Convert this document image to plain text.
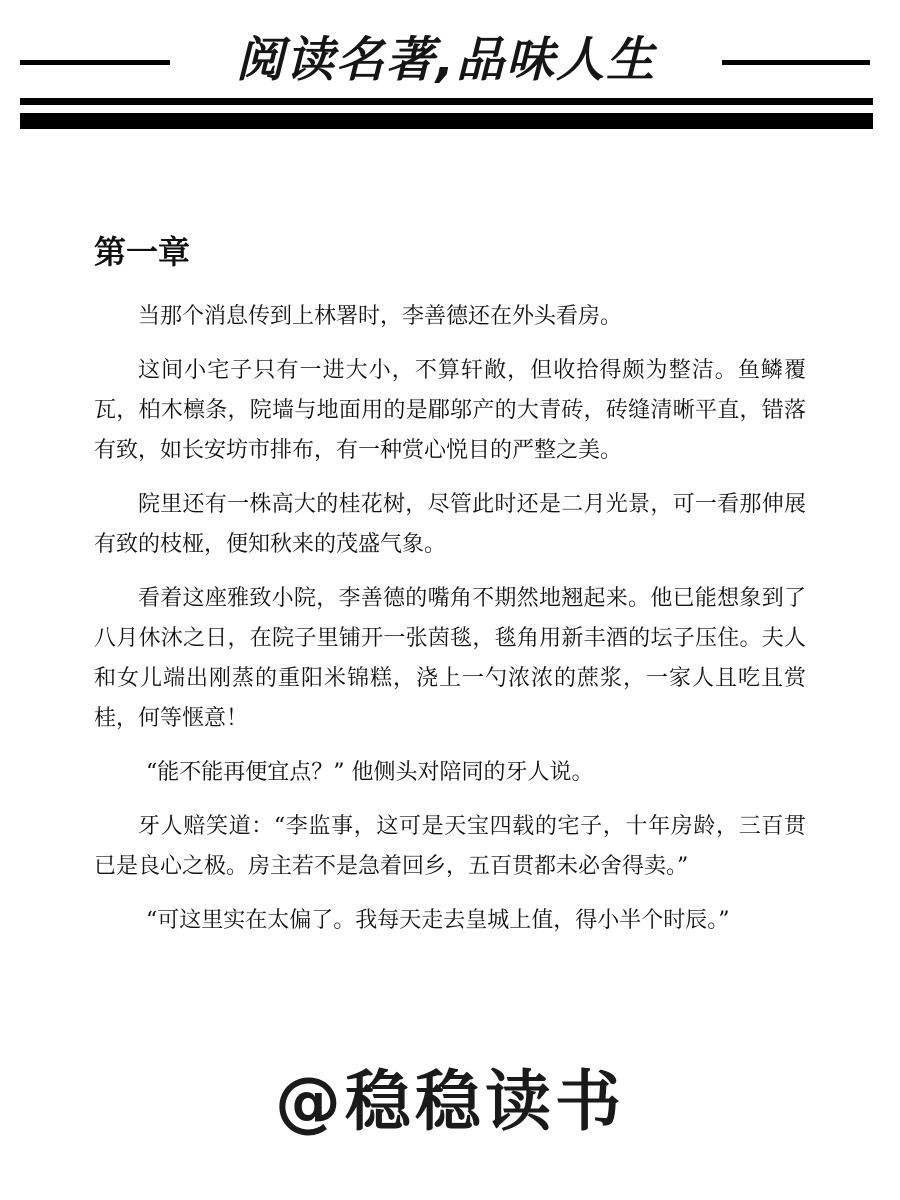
阅读名著,品味人生
第一章

当那个消息传到上林署时，李善德还在外头看房。

这间小宅子只有一进大小，不算轩敞，但收拾得颇为整洁。鱼鳞覆瓦，柏木檩条，院墙与地面用的是郿邬产的大青砖，砖缝清晰平直，错落有致，如长安坊市排布，有一种赏心悦目的严整之美。

院里还有一株高大的桂花树，尽管此时还是二月光景，可一看那伸展有致的枝桠，便知秋来的茂盛气象。

看着这座雅致小院，李善德的嘴角不期然地翘起来。他已能想象到了八月休沐之日，在院子里铺开一张茵毯，毯角用新丰酒的坛子压住。夫人和女儿端出刚蒸的重阳米锦糕，浇上一勺浓浓的蔗浆，一家人且吃且赏桂，何等惬意！

“能不能再便宜点？” 他侧头对陪同的牙人说。

牙人赔笑道：“李监事，这可是天宝四载的宅子，十年房龄，三百贯已是良心之极。房主若不是急着回乡，五百贯都未必舍得卖。”

“可这里实在太偏了。我每天走去皇城上值，得小半个时辰。”

@稳稳读书
